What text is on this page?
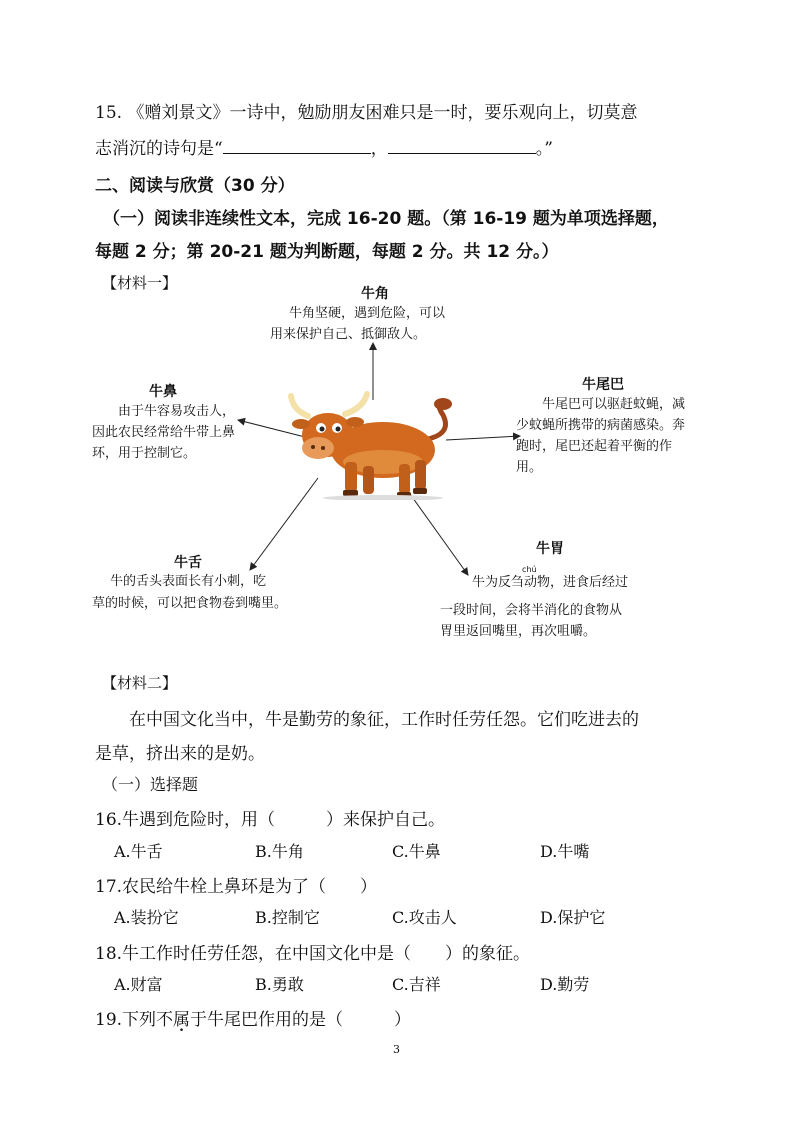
15. 《赠刘景文》一诗中，勉励朋友困难只是一时，要乐观向上，切莫意
志消沉的诗句是“	，	。”
二、阅读与欣赏（30 分）
（一）阅读非连续性文本，完成 16-20 题。（第 16-19 题为单项选择题，
每题 2 分；第 20-21 题为判断题，每题 2 分。共 12 分。）
【材料一】
牛角
牛角坚硬，遇到危险，可以
用来保护自己、抵御敌人。
牛鼻
由于牛容易攻击人，因此农民经常给牛带上鼻环，用于控制它。
牛尾巴
牛尾巴可以驱赶蚊蝇，减少蚊蝇所携带的病菌感染。奔跑时，尾巴还起着平衡的作用。
牛舌
牛的舌头表面长有小刺，吃
草的时候，可以把食物卷到嘴里。
牛胃
chú
牛为反刍动物，进食后经过
一段时间，会将半消化的食物从
胃里返回嘴里，再次咀嚼。
【材料二】
在中国文化当中，牛是勤劳的象征，工作时任劳任怨。它们吃进去的
是草，挤出来的是奶。
（一）选择题
16.牛遇到危险时，用（　　　）来保护自己。
A.牛舌	B.牛角	C.牛鼻	D.牛嘴
17.农民给牛栓上鼻环是为了（　　）
A.装扮它	B.控制它	C.攻击人	D.保护它
18.牛工作时任劳任怨，在中国文化中是（　　）的象征。
A.财富	B.勇敢	C.吉祥	D.勤劳
19.下列不属于牛尾巴作用的是（　　　）
3
